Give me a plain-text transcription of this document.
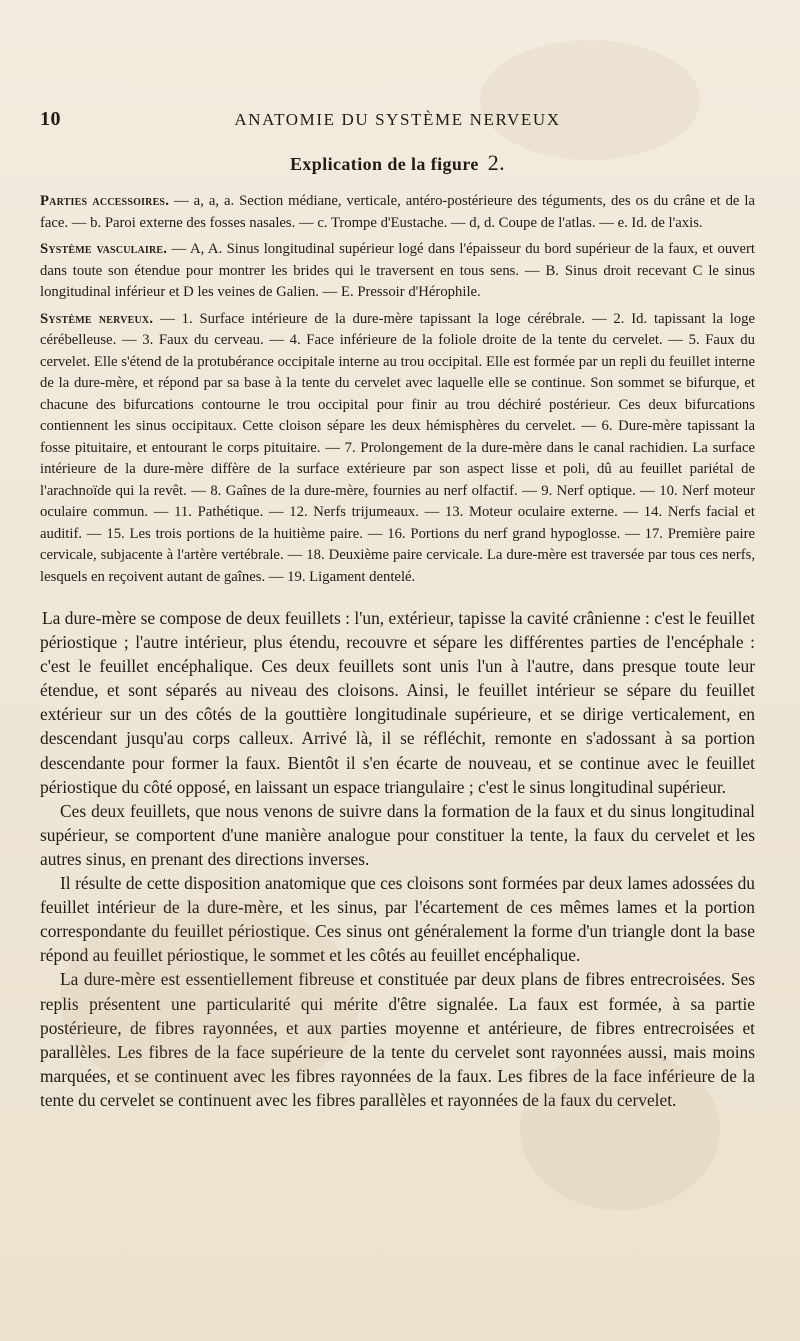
10	ANATOMIE DU SYSTÈME NERVEUX
Explication de la figure 2.

Parties accessoires. — a, a, a. Section médiane, verticale, antéro-postérieure des téguments, des os du crâne et de la face. — b. Paroi externe des fosses nasales. — c. Trompe d'Eustache. — d, d. Coupe de l'atlas. — e. Id. de l'axis.

Système vasculaire. — A, A. Sinus longitudinal supérieur logé dans l'épaisseur du bord supérieur de la faux, et ouvert dans toute son étendue pour montrer les brides qui le traversent en tous sens. — B. Sinus droit recevant C le sinus longitudinal inférieur et D les veines de Galien. — E. Pressoir d'Hérophile.

Système nerveux. — 1. Surface intérieure de la dure-mère tapissant la loge cérébrale. — 2. Id. tapissant la loge cérébelleuse. — 3. Faux du cerveau. — 4. Face inférieure de la foliole droite de la tente du cervelet. — 5. Faux du cervelet. Elle s'étend de la protubérance occipitale interne au trou occipital. Elle est formée par un repli du feuillet interne de la dure-mère, et répond par sa base à la tente du cervelet avec laquelle elle se continue. Son sommet se bifurque, et chacune des bifurcations contourne le trou occipital pour finir au trou déchiré postérieur. Ces deux bifurcations contiennent les sinus occipitaux. Cette cloison sépare les deux hémisphères du cervelet. — 6. Dure-mère tapissant la fosse pituitaire, et entourant le corps pituitaire. — 7. Prolongement de la dure-mère dans le canal rachidien. La surface intérieure de la dure-mère diffère de la surface extérieure par son aspect lisse et poli, dû au feuillet pariétal de l'arachnoïde qui la revêt. — 8. Gaînes de la dure-mère, fournies au nerf olfactif. — 9. Nerf optique. — 10. Nerf moteur oculaire commun. — 11. Pathétique. — 12. Nerfs trijumeaux. — 13. Moteur oculaire externe. — 14. Nerfs facial et auditif. — 15. Les trois portions de la huitième paire. — 16. Portions du nerf grand hypoglosse. — 17. Première paire cervicale, subjacente à l'artère vertébrale. — 18. Deuxième paire cervicale. La dure-mère est traversée par tous ces nerfs, lesquels en reçoivent autant de gaînes. — 19. Ligament dentelé.

La dure-mère se compose de deux feuillets : l'un, extérieur, tapisse la cavité crânienne : c'est le feuillet périostique ; l'autre intérieur, plus étendu, recouvre et sépare les différentes parties de l'encéphale : c'est le feuillet encéphalique. Ces deux feuillets sont unis l'un à l'autre, dans presque toute leur étendue, et sont séparés au niveau des cloisons. Ainsi, le feuillet intérieur se sépare du feuillet extérieur sur un des côtés de la gouttière longitudinale supérieure, et se dirige verticalement, en descendant jusqu'au corps calleux. Arrivé là, il se réfléchit, remonte en s'adossant à sa portion descendante pour former la faux. Bientôt il s'en écarte de nouveau, et se continue avec le feuillet périostique du côté opposé, en laissant un espace triangulaire ; c'est le sinus longitudinal supérieur.

Ces deux feuillets, que nous venons de suivre dans la formation de la faux et du sinus longitudinal supérieur, se comportent d'une manière analogue pour constituer la tente, la faux du cervelet et les autres sinus, en prenant des directions inverses.

Il résulte de cette disposition anatomique que ces cloisons sont formées par deux lames adossées du feuillet intérieur de la dure-mère, et les sinus, par l'écartement de ces mêmes lames et la portion correspondante du feuillet périostique. Ces sinus ont généralement la forme d'un triangle dont la base répond au feuillet périostique, le sommet et les côtés au feuillet encéphalique.

La dure-mère est essentiellement fibreuse et constituée par deux plans de fibres entrecroisées. Ses replis présentent une particularité qui mérite d'être signalée. La faux est formée, à sa partie postérieure, de fibres rayonnées, et aux parties moyenne et antérieure, de fibres entrecroisées et parallèles. Les fibres de la face supérieure de la tente du cervelet sont rayonnées aussi, mais moins marquées, et se continuent avec les fibres rayonnées de la faux. Les fibres de la face inférieure de la tente du cervelet se continuent avec les fibres parallèles et rayonnées de la faux du cervelet.
